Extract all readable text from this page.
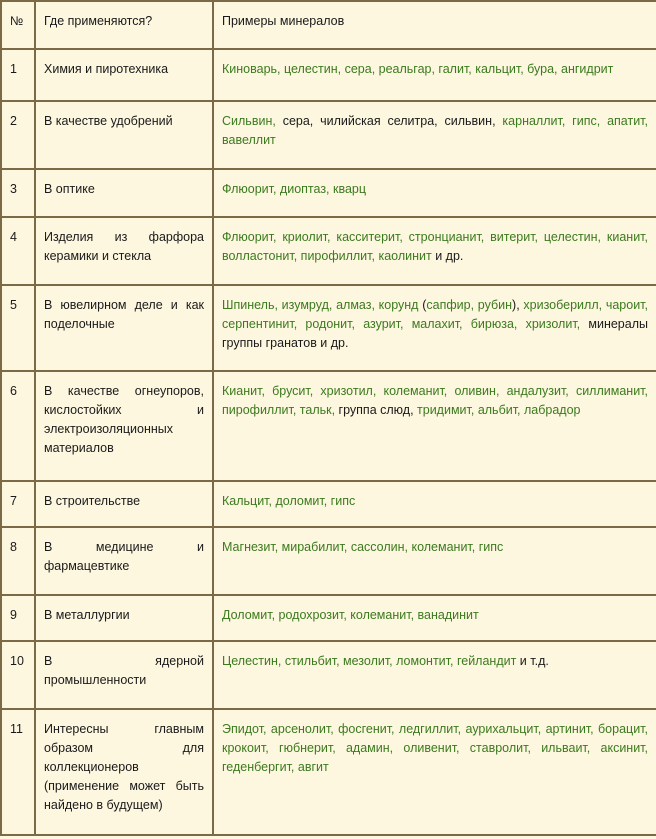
№	Где применяются?	Примеры минералов
1	Химия и пиротехника	Киноварь, целестин, сера, реальгар, галит, кальцит, бура, ангидрит
2	В качестве удобрений	Сильвин, сера, чилийская селитра, сильвин, карналлит, гипс, апатит, вавеллит
3	В оптике	Флюорит, диоптаз, кварц
4	Изделия из фарфора керамики и стекла	Флюорит, криолит, касситерит, стронцианит, витерит, целестин, кианит, волластонит, пирофиллит, каолинит и др.
5	В ювелирном деле и как поделочные	Шпинель, изумруд, алмаз, корунд (сапфир, рубин), хризоберилл, чароит, серпентинит, родонит, азурит, малахит, бирюза, хризолит, минералы группы гранатов и др.
6	В качестве огнеупоров, кислостойких и электроизоляционных материалов	Кианит, брусит, хризотил, колеманит, оливин, андалузит, силлиманит, пирофиллит, тальк, группа слюд, тридимит, альбит, лабрадор
7	В строительстве	Кальцит, доломит, гипс
8	В медицине и фармацевтике	Магнезит, мирабилит, сассолин, колеманит, гипс
9	В металлургии	Доломит, родохрозит, колеманит, ванадинит
10	В ядерной промышленности	Целестин, стильбит, мезолит, ломонтит, гейландит и т.д.
11	Интересны главным образом для коллекционеров (применение может быть найдено в будущем)	Эпидот, арсенолит, фосгенит, ледгиллит, аурихальцит, артинит, борацит, крокоит, гюбнерит, адамин, оливенит, ставролит, ильваит, аксинит, геденбергит, авгит
